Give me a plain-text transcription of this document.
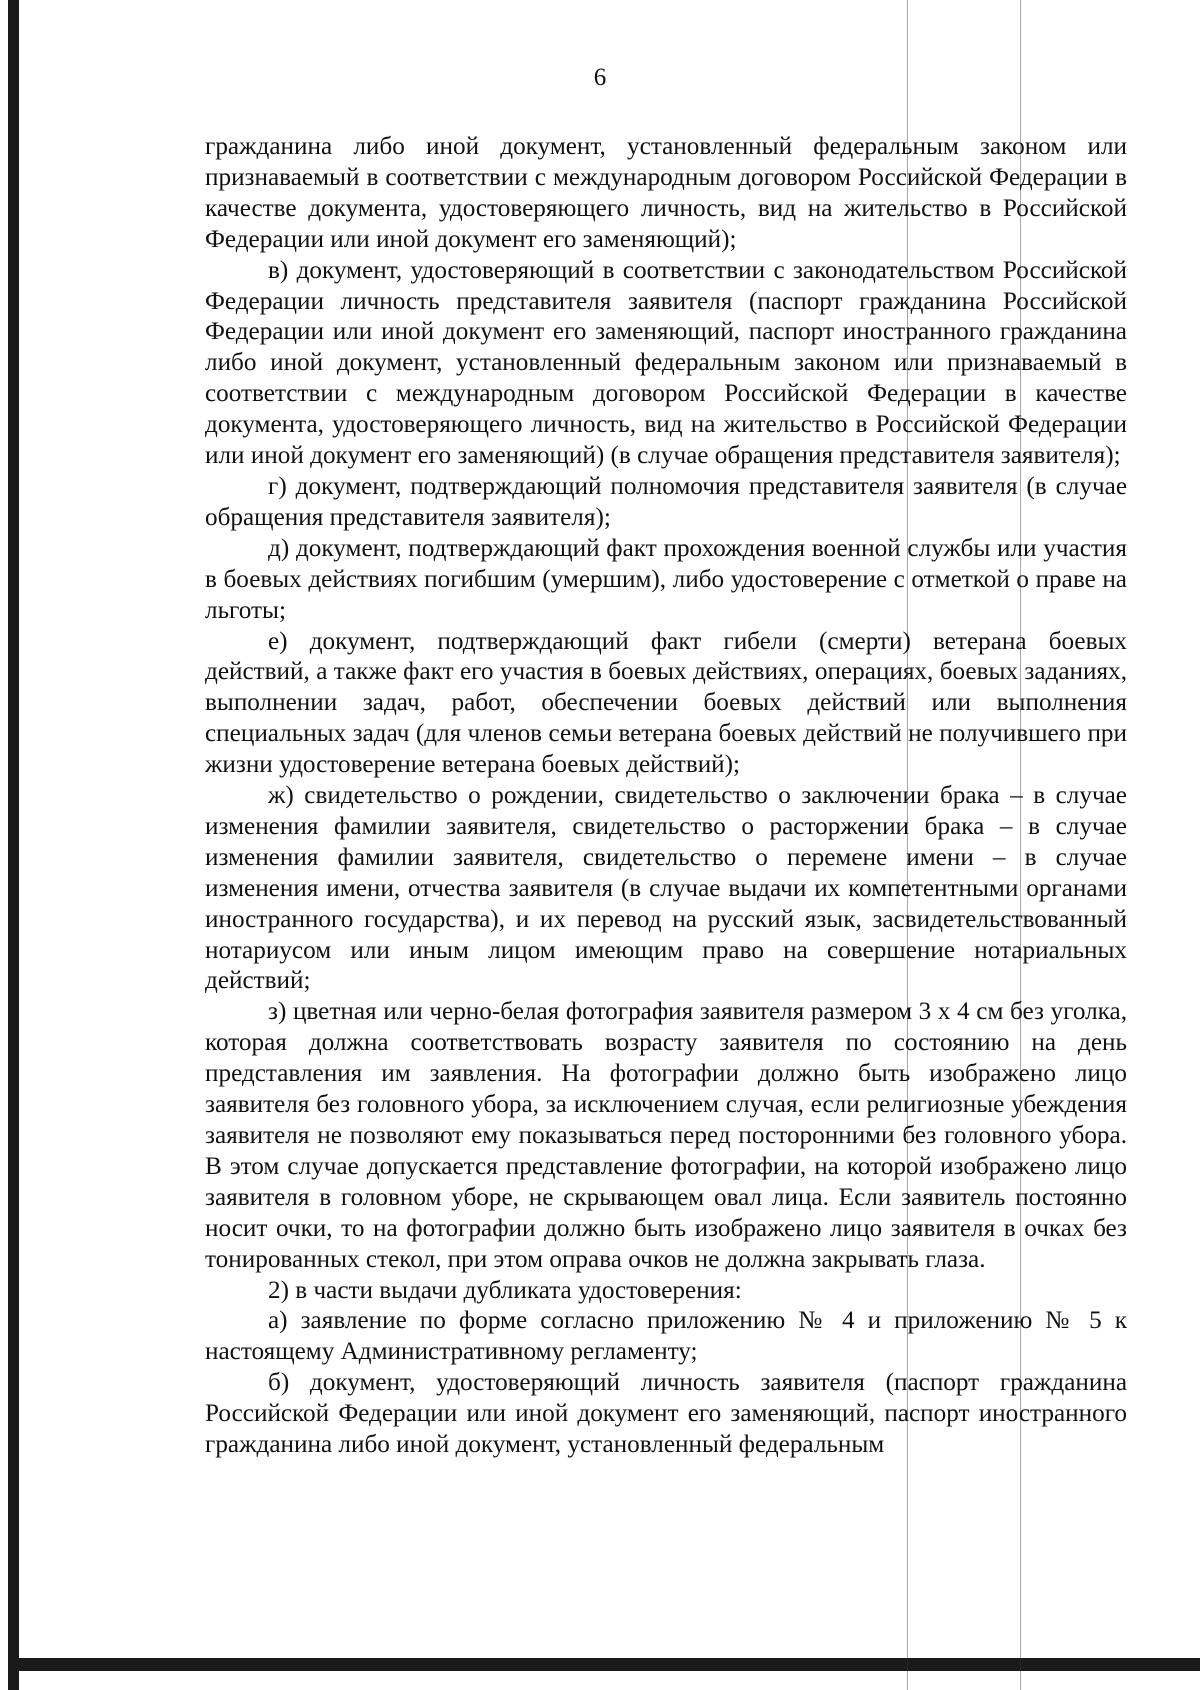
6

гражданина либо иной документ, установленный федеральным законом или признаваемый в соответствии с международным договором Российской Федерации в качестве документа, удостоверяющего личность, вид на жительство в Российской Федерации или иной документ его заменяющий);

в) документ, удостоверяющий в соответствии с законодательством Российской Федерации личность представителя заявителя (паспорт гражданина Российской Федерации или иной документ его заменяющий, паспорт иностранного гражданина либо иной документ, установленный федеральным законом или признаваемый в соответствии с международным договором Российской Федерации в качестве документа, удостоверяющего личность, вид на жительство в Российской Федерации или иной документ его заменяющий) (в случае обращения представителя заявителя);

г) документ, подтверждающий полномочия представителя заявителя (в случае обращения представителя заявителя);

д) документ, подтверждающий факт прохождения военной службы или участия в боевых действиях погибшим (умершим), либо удостоверение с отметкой о праве на льготы;

е) документ, подтверждающий факт гибели (смерти) ветерана боевых действий, а также факт его участия в боевых действиях, операциях, боевых заданиях, выполнении задач, работ, обеспечении боевых действий или выполнения специальных задач (для членов семьи ветерана боевых действий не получившего при жизни удостоверение ветерана боевых действий);

ж) свидетельство о рождении, свидетельство о заключении брака – в случае изменения фамилии заявителя, свидетельство о расторжении брака – в случае изменения фамилии заявителя, свидетельство о перемене имени – в случае изменения имени, отчества заявителя (в случае выдачи их компетентными органами иностранного государства), и их перевод на русский язык, засвидетельствованный нотариусом или иным лицом имеющим право на совершение нотариальных действий;

з) цветная или черно-белая фотография заявителя размером 3 х 4 см без уголка, которая должна соответствовать возрасту заявителя по состоянию на день представления им заявления. На фотографии должно быть изображено лицо заявителя без головного убора, за исключением случая, если религиозные убеждения заявителя не позволяют ему показываться перед посторонними без головного убора. В этом случае допускается представление фотографии, на которой изображено лицо заявителя в головном уборе, не скрывающем овал лица. Если заявитель постоянно носит очки, то на фотографии должно быть изображено лицо заявителя в очках без тонированных стекол, при этом оправа очков не должна закрывать глаза.

2) в части выдачи дубликата удостоверения:

а) заявление по форме согласно приложению № 4 и приложению № 5 к настоящему Административному регламенту;

б) документ, удостоверяющий личность заявителя (паспорт гражданина Российской Федерации или иной документ его заменяющий, паспорт иностранного гражданина либо иной документ, установленный федеральным
